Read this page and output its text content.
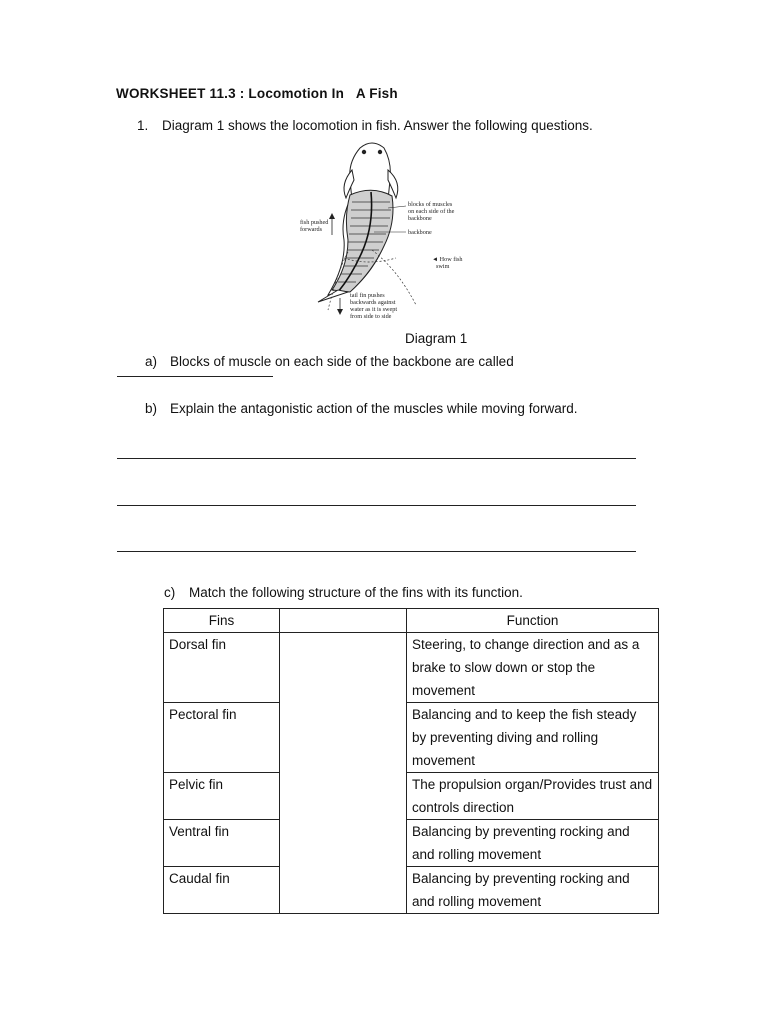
WORKSHEET 11.3 : Locomotion In   A Fish
1. Diagram 1 shows the locomotion in fish. Answer the following questions.
blocks of muscles
on each side of the
backbone
backbone
fish pushed
forwards
◄ How fish
swim
tail fin pushes
backwards against
water as it is swept
from side to side
Diagram 1
a) Blocks of muscle on each side of the backbone are called
b) Explain the antagonistic action of the muscles while moving forward.
c) Match the following structure of the fins with its function.
Fins		Function
Dorsal fin		Steering, to change direction and as a brake to slow down or stop the movement
Pectoral fin		Balancing and to keep the fish steady by preventing diving and rolling movement
Pelvic fin		The propulsion organ/Provides trust and controls direction
Ventral fin		Balancing by preventing rocking and and rolling movement
Caudal fin		Balancing by preventing rocking and and rolling movement
